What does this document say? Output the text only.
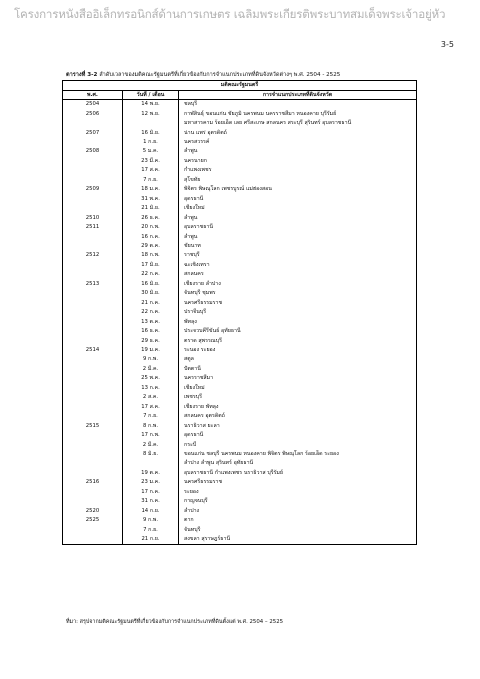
โครงการหนังสืออิเล็กทรอนิกส์ด้านการเกษตร เฉลิมพระเกียรติพระบาทสมเด็จพระเจ้าอยู่หัว
3-5
ตารางที่ 3-2 ลำดับเวลาของมติคณะรัฐมนตรีที่เกี่ยวข้องกับการจำแนกประเภทที่ดินจังหวัดต่างๆ พ.ศ. 2504 - 2525
มติคณะรัฐมนตรี		
พ.ศ.	วันที่ / เดือน	การจำแนกประเภทที่ดินจังหวัด
2504	14 พ.ย.	ชลบุรี
2506	12 พ.ย.	กาฬสินธุ์ ขอนแก่น ชัยภูมิ นครพนม นครราชสีมา หนองคาย บุรีรัมย์
		มหาสารคาม ร้อยเอ็ด เลย ศรีสะเกษ สกลนคร สระบุรี สุรินทร์ อุบลราชธานี
2507	16 มิ.ย.	น่าน แพร่ อุตรดิตถ์
	1 ก.ย.	นครสวรรค์
2508	5 ม.ค.	ลำพูน
	23 มี.ค.	นครนายก
	17 ส.ค.	กำแพงเพชร
	7 ก.ย.	สุโขทัย
2509	18 ม.ค.	พิจิตร พิษณุโลก เพชรบูรณ์ แม่ฮ่องสอน
	31 พ.ค.	อุดรธานี
	21 มิ.ย.	เชียงใหม่
2510	26 ธ.ค.	ลำพูน
2511	20 ก.พ.	อุบลราชธานี
	16 ก.ค.	ลำพูน
	29 ต.ค.	ชัยนาท
2512	18 ก.พ.	ราชบุรี
	17 มิ.ย.	ฉะเชิงเทรา
	22 ก.ค.	สกลนคร
2513	16 มิ.ย.	เชียงราย ลำปาง
	30 มิ.ย.	จันทบุรี ชุมพร
	21 ก.ค.	นครศรีธรรมราช
	22 ก.ค.	ปราจีนบุรี
	13 ต.ค.	พัทลุง
	16 ธ.ค.	ประจวบคีรีขันธ์ อุทัยธานี
	29 ธ.ค.	ตราด สุพรรณบุรี
2514	19 ม.ค.	ระนอง ระยอง
	9 ก.พ.	สตูล
	2 มี.ค.	ปัตตานี
	25 พ.ค.	นครราชสีมา
	13 ก.ค.	เชียงใหม่
	2 ส.ค.	เพชรบุรี
	17 ส.ค.	เชียงราย พัทลุง
	7 ก.ย.	สกลนคร อุตรดิตถ์
2515	8 ก.พ.	นราธิวาส ยะลา
	17 ก.พ.	อุดรธานี
	2 มี.ค.	กระบี่
	8 มิ.ย.	ขอนแก่น ชลบุรี นครพนม หนองคาย พิจิตร พิษณุโลก ร้อยเอ็ด ระยอง
		ลำปาง ลำพูน สุรินทร์ อุทัยธานี
	19 ต.ค.	อุบลราชธานี กำแพงเพชร นราธิวาส บุรีรัมย์
2516	23 ม.ค.	นครศรีธรรมราช
	17 ก.ค.	ระยอง
	31 ก.ค.	กาญจนบุรี
2520	14 ก.ย.	ลำปาง
2525	9 ก.พ.	ตาก
	7 ก.ย.	จันทบุรี
	21 ก.ย.	สงขลา สุราษฎร์ธานี
ที่มา: สรุปจากมติคณะรัฐมนตรีที่เกี่ยวข้องกับการจำแนกประเภทที่ดินตั้งแต่ พ.ศ. 2504 – 2525
